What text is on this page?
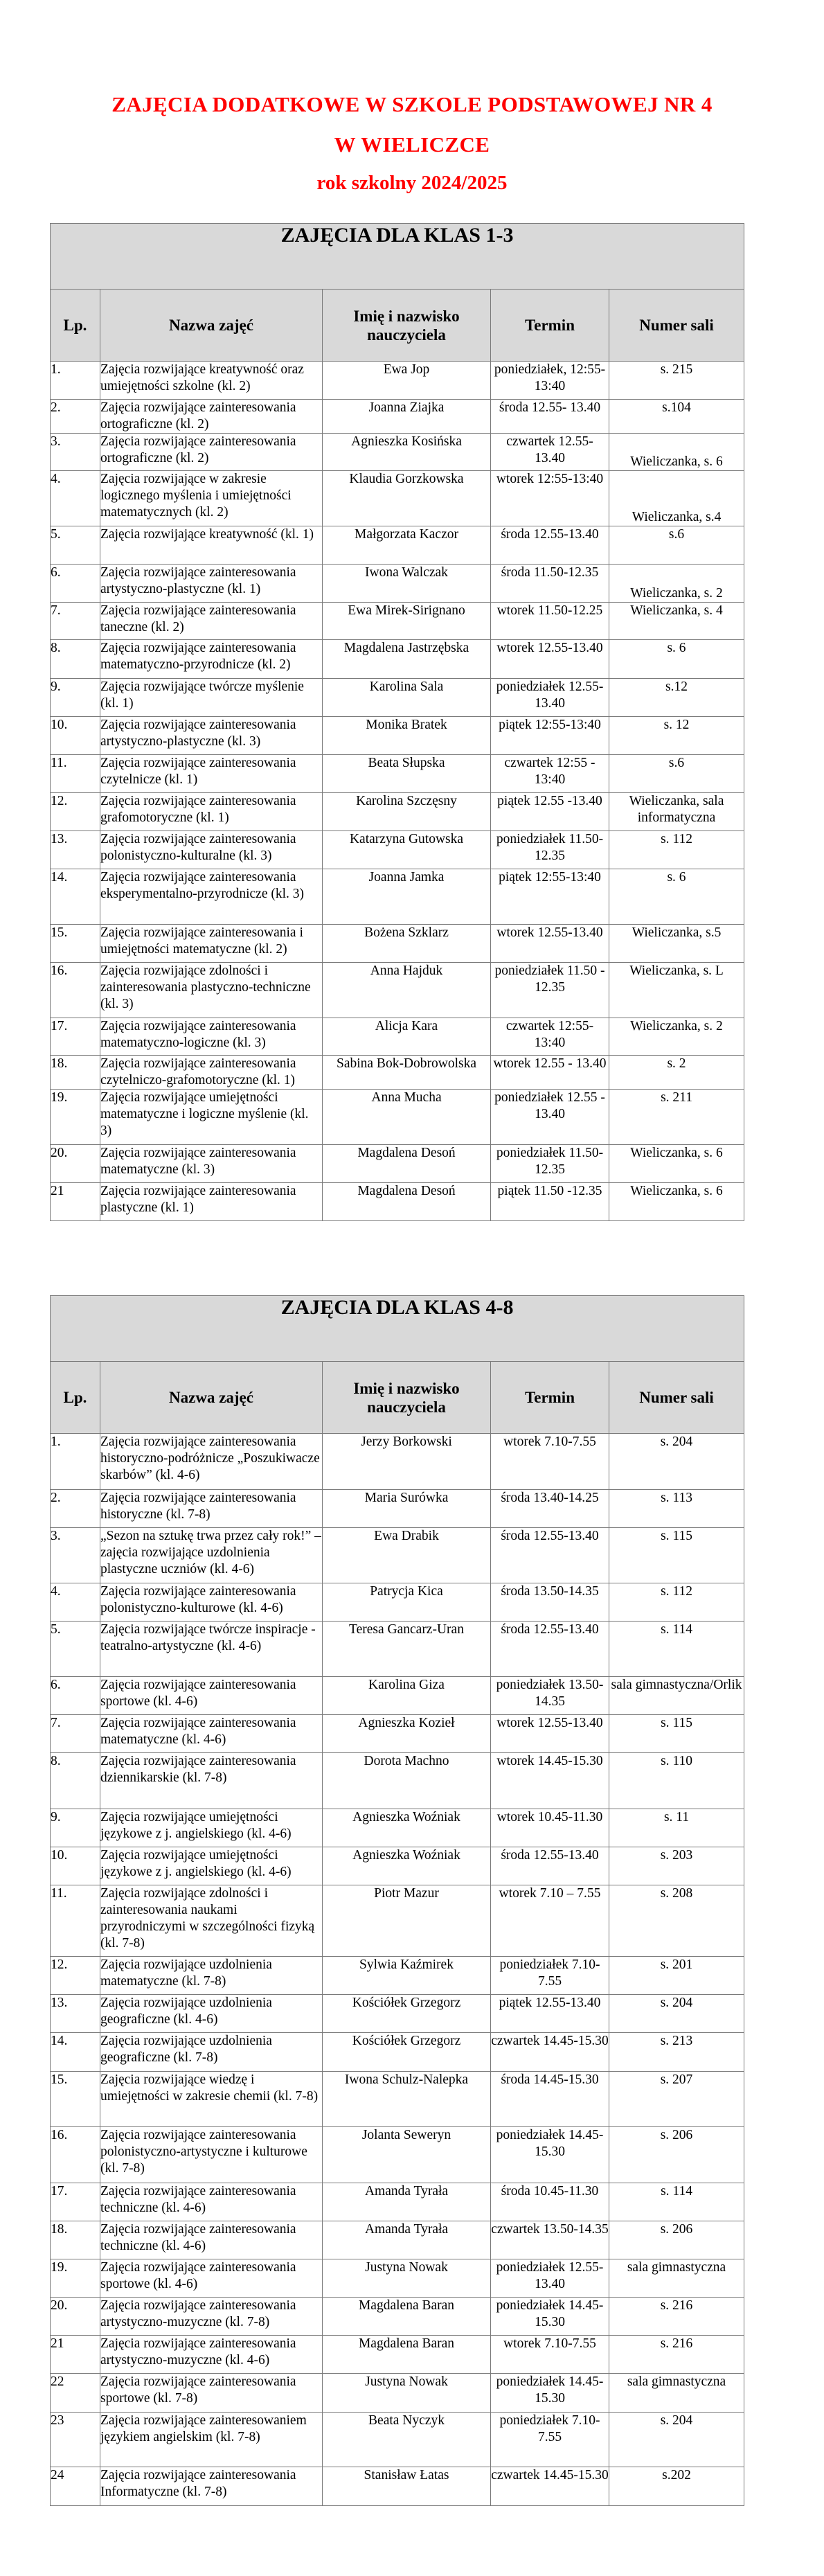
ZAJĘCIA DODATKOWE W SZKOLE PODSTAWOWEJ NR 4
W WIELICZCE
rok szkolny 2024/2025
ZAJĘCIA DLA KLAS 1-3				
Lp.	Nazwa zajęć	Imię i nazwisko nauczyciela	Termin	Numer sali
1.	Zajęcia rozwijające kreatywność oraz umiejętności szkolne (kl. 2)	Ewa Jop	poniedziałek, 12:55- 13:40	s. 215
2.	Zajęcia rozwijające zainteresowania ortograficzne (kl. 2)	Joanna Ziajka	środa 12.55- 13.40	s.104
3.	Zajęcia rozwijające zainteresowania ortograficzne (kl. 2)	Agnieszka Kosińska	czwartek 12.55- 13.40	Wieliczanka, s. 6
4.	Zajęcia rozwijające w zakresie logicznego myślenia i umiejętności matematycznych (kl. 2)	Klaudia Gorzkowska	wtorek 12:55-13:40	Wieliczanka, s.4
5.	Zajęcia rozwijające kreatywność (kl. 1)	Małgorzata Kaczor	środa 12.55-13.40	s.6
6.	Zajęcia rozwijające zainteresowania artystyczno-plastyczne (kl. 1)	Iwona Walczak	środa 11.50-12.35	Wieliczanka, s. 2
7.	Zajęcia rozwijające zainteresowania taneczne (kl. 2)	Ewa Mirek-Sirignano	wtorek 11.50-12.25	Wieliczanka, s. 4
8.	Zajęcia rozwijające zainteresowania matematyczno-przyrodnicze (kl. 2)	Magdalena Jastrzębska	wtorek 12.55-13.40	s. 6
9.	Zajęcia rozwijające twórcze myślenie (kl. 1)	Karolina Sala	poniedziałek 12.55-13.40	s.12
10.	Zajęcia rozwijające zainteresowania artystyczno-plastyczne (kl. 3)	Monika Bratek	piątek 12:55-13:40	s. 12
11.	Zajęcia rozwijające zainteresowania czytelnicze (kl. 1)	Beata Słupska	czwartek 12:55 - 13:40	s.6
12.	Zajęcia rozwijające zainteresowania grafomotoryczne (kl. 1)	Karolina Szczęsny	piątek 12.55 -13.40	Wieliczanka, sala informatyczna
13.	Zajęcia rozwijające zainteresowania polonistyczno-kulturalne (kl. 3)	Katarzyna Gutowska	poniedziałek 11.50-12.35	s. 112
14.	Zajęcia rozwijające zainteresowania eksperymentalno-przyrodnicze (kl. 3)	Joanna Jamka	piątek 12:55-13:40	s. 6
15.	Zajęcia rozwijające zainteresowania i umiejętności matematyczne (kl. 2)	Bożena Szklarz	wtorek 12.55-13.40	Wieliczanka, s.5
16.	Zajęcia rozwijające zdolności i zainteresowania plastyczno-techniczne (kl. 3)	Anna Hajduk	poniedziałek 11.50 - 12.35	Wieliczanka, s. L
17.	Zajęcia rozwijające zainteresowania matematyczno-logiczne (kl. 3)	Alicja Kara	czwartek 12:55-13:40	Wieliczanka, s. 2
18.	Zajęcia rozwijające zainteresowania czytelniczo-grafomotoryczne (kl. 1)	Sabina Bok-Dobrowolska	wtorek 12.55 - 13.40	s. 2
19.	Zajęcia rozwijające umiejętności matematyczne i logiczne myślenie (kl. 3)	Anna Mucha	poniedziałek 12.55 - 13.40	s. 211
20.	Zajęcia rozwijające zainteresowania matematyczne (kl. 3)	Magdalena Desoń	poniedziałek 11.50-12.35	Wieliczanka, s. 6
21	Zajęcia rozwijające zainteresowania plastyczne (kl. 1)	Magdalena Desoń	piątek 11.50 -12.35	Wieliczanka, s. 6
ZAJĘCIA DLA KLAS 4-8				
Lp.	Nazwa zajęć	Imię i nazwisko nauczyciela	Termin	Numer sali
1.	Zajęcia rozwijające zainteresowania historyczno-podróżnicze „Poszukiwacze skarbów” (kl. 4-6)	Jerzy Borkowski	wtorek 7.10-7.55	s. 204
2.	Zajęcia rozwijające zainteresowania historyczne (kl. 7-8)	Maria Surówka	środa 13.40-14.25	s. 113
3.	„Sezon na sztukę trwa przez cały rok!” – zajęcia rozwijające uzdolnienia plastyczne uczniów (kl. 4-6)	Ewa Drabik	środa 12.55-13.40	s. 115
4.	Zajęcia rozwijające zainteresowania polonistyczno-kulturowe (kl. 4-6)	Patrycja Kica	środa 13.50-14.35	s. 112
5.	Zajęcia rozwijające twórcze inspiracje - teatralno-artystyczne (kl. 4-6)	Teresa Gancarz-Uran	środa 12.55-13.40	s. 114
6.	Zajęcia rozwijające zainteresowania sportowe (kl. 4-6)	Karolina Giza	poniedziałek 13.50-14.35	sala gimnastyczna/Orlik
7.	Zajęcia rozwijające zainteresowania matematyczne (kl. 4-6)	Agnieszka Kozieł	wtorek 12.55-13.40	s. 115
8.	Zajęcia rozwijające zainteresowania dziennikarskie (kl. 7-8)	Dorota Machno	wtorek 14.45-15.30	s. 110
9.	Zajęcia rozwijające umiejętności językowe z j. angielskiego (kl. 4-6)	Agnieszka Woźniak	wtorek 10.45-11.30	s. 11
10.	Zajęcia rozwijające umiejętności językowe z j. angielskiego (kl. 4-6)	Agnieszka Woźniak	środa 12.55-13.40	s. 203
11.	Zajęcia rozwijające zdolności i zainteresowania naukami przyrodniczymi w szczególności fizyką (kl. 7-8)	Piotr Mazur	wtorek 7.10 – 7.55	s. 208
12.	Zajęcia rozwijające uzdolnienia matematyczne (kl. 7-8)	Sylwia Kaźmirek	poniedziałek 7.10-7.55	s. 201
13.	Zajęcia rozwijające uzdolnienia geograficzne (kl. 4-6)	Kościółek Grzegorz	piątek 12.55-13.40	s. 204
14.	Zajęcia rozwijające uzdolnienia geograficzne (kl. 7-8)	Kościółek Grzegorz	czwartek 14.45-15.30	s. 213
15.	Zajęcia rozwijające wiedzę i umiejętności w zakresie chemii (kl. 7-8)	Iwona Schulz-Nalepka	środa 14.45-15.30	s. 207
16.	Zajęcia rozwijające zainteresowania polonistyczno-artystyczne i kulturowe (kl. 7-8)	Jolanta Seweryn	poniedziałek 14.45-15.30	s. 206
17.	Zajęcia rozwijające zainteresowania techniczne (kl. 4-6)	Amanda Tyrała	środa 10.45-11.30	s. 114
18.	Zajęcia rozwijające zainteresowania techniczne (kl. 4-6)	Amanda Tyrała	czwartek 13.50-14.35	s. 206
19.	Zajęcia rozwijające zainteresowania sportowe (kl. 4-6)	Justyna Nowak	poniedziałek 12.55-13.40	sala gimnastyczna
20.	Zajęcia rozwijające zainteresowania artystyczno-muzyczne (kl. 7-8)	Magdalena Baran	poniedziałek 14.45-15.30	s. 216
21	Zajęcia rozwijające zainteresowania artystyczno-muzyczne (kl. 4-6)	Magdalena Baran	wtorek 7.10-7.55	s. 216
22	Zajęcia rozwijające zainteresowania sportowe (kl. 7-8)	Justyna Nowak	poniedziałek 14.45-15.30	sala gimnastyczna
23	Zajęcia rozwijające zainteresowaniem językiem angielskim (kl. 7-8)	Beata Nyczyk	poniedziałek 7.10-7.55	s. 204
24	Zajęcia rozwijające zainteresowania Informatyczne (kl. 7-8)	Stanisław Łatas	czwartek 14.45-15.30	s.202
